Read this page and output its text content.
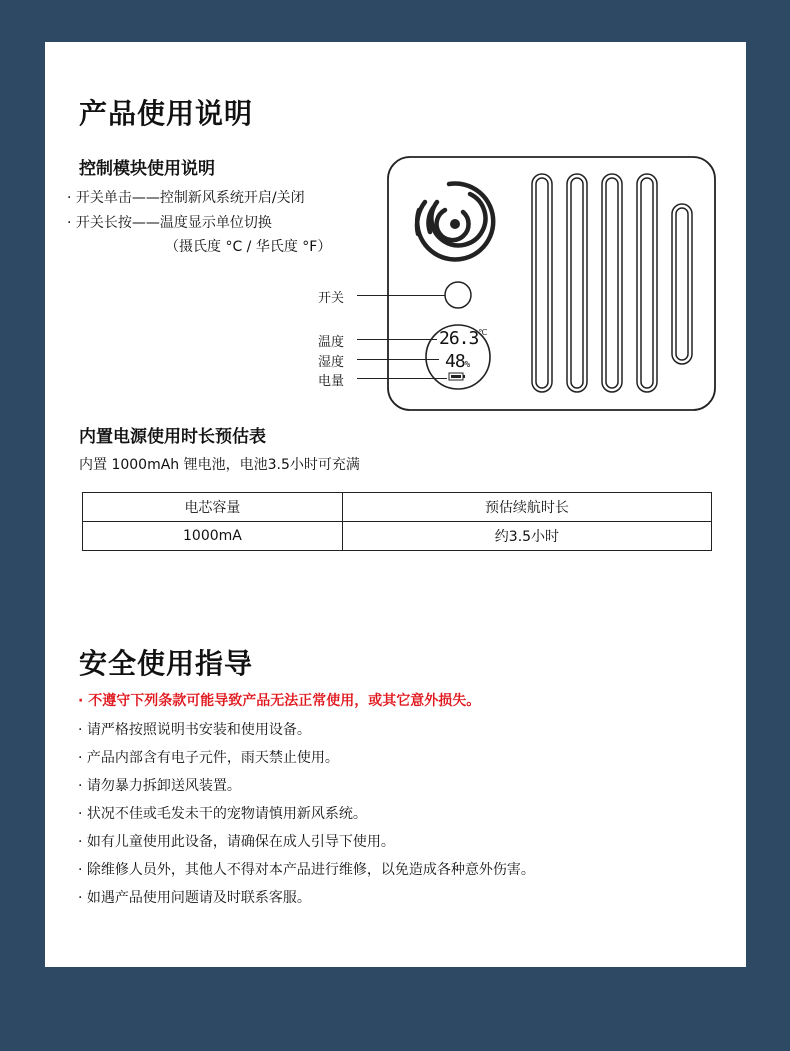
产品使用说明
控制模块使用说明
· 开关单击——控制新风系统开启/关闭
· 开关长按——温度显示单位切换
（摄氏度 °C / 华氏度 °F）
26.3℃
48%
开关
温度
湿度
电量
内置电源使用时长预估表
内置 1000mAh 锂电池，电池3.5小时可充满
电芯容量	预估续航时长
1000mA	约3.5小时
安全使用指导
· 不遵守下列条款可能导致产品无法正常使用，或其它意外损失。
· 请严格按照说明书安装和使用设备。
· 产品内部含有电子元件，雨天禁止使用。
· 请勿暴力拆卸送风装置。
· 状况不佳或毛发未干的宠物请慎用新风系统。
· 如有儿童使用此设备，请确保在成人引导下使用。
· 除维修人员外，其他人不得对本产品进行维修，以免造成各种意外伤害。
· 如遇产品使用问题请及时联系客服。
